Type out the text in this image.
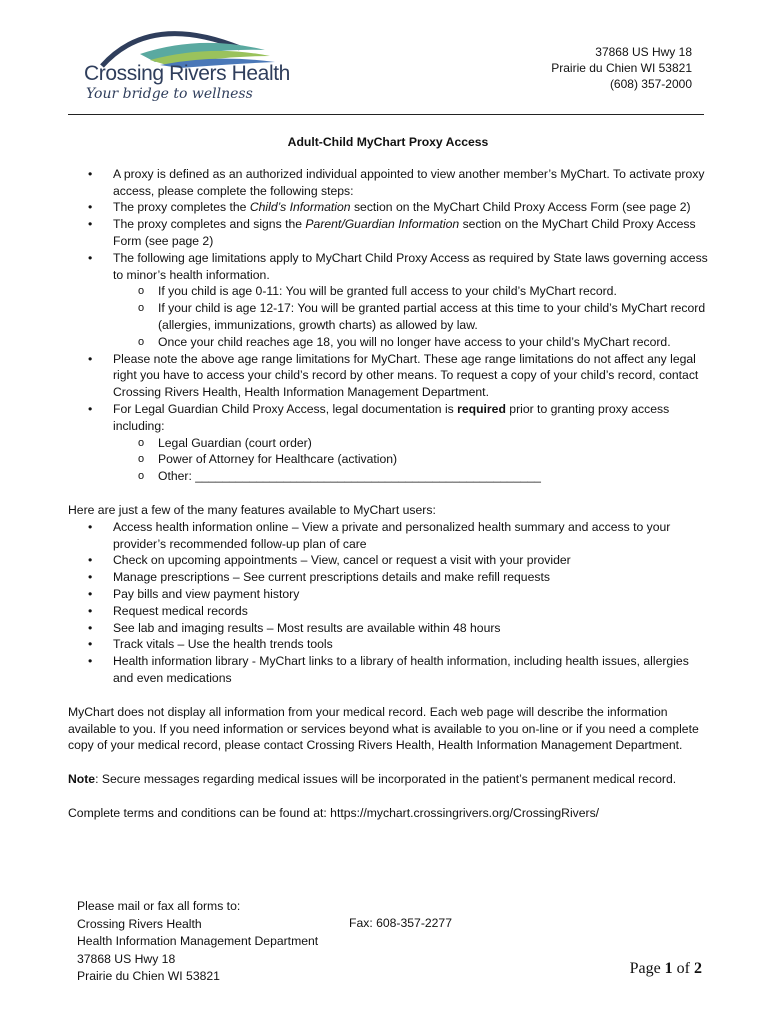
Crossing Rivers Health
Your bridge to wellness
37868 US Hwy 18
Prairie du Chien WI 53821
(608) 357-2000
Adult-Child MyChart Proxy Access
• A proxy is defined as an authorized individual appointed to view another member’s MyChart. To activate proxy access, please complete the following steps:
• The proxy completes the Child’s Information section on the MyChart Child Proxy Access Form (see page 2)
• The proxy completes and signs the Parent/Guardian Information section on the MyChart Child Proxy Access Form (see page 2)
• The following age limitations apply to MyChart Child Proxy Access as required by State laws governing access to minor’s health information.
o If you child is age 0-11: You will be granted full access to your child’s MyChart record.
o If your child is age 12-17: You will be granted partial access at this time to your child’s MyChart record (allergies, immunizations, growth charts) as allowed by law.
o Once your child reaches age 18, you will no longer have access to your child’s MyChart record.
• Please note the above age range limitations for MyChart. These age range limitations do not affect any legal right you have to access your child’s record by other means. To request a copy of your child’s record, contact Crossing Rivers Health, Health Information Management Department.
• For Legal Guardian Child Proxy Access, legal documentation is required prior to granting proxy access including:
o Legal Guardian (court order)
o Power of Attorney for Healthcare (activation)
o Other: ___________________________________________________

Here are just a few of the many features available to MyChart users:

• Access health information online – View a private and personalized health summary and access to your provider’s recommended follow-up plan of care
• Check on upcoming appointments – View, cancel or request a visit with your provider
• Manage prescriptions – See current prescriptions details and make refill requests
• Pay bills and view payment history
• Request medical records
• See lab and imaging results – Most results are available within 48 hours
• Track vitals – Use the health trends tools
• Health information library - MyChart links to a library of health information, including health issues, allergies and even medications

MyChart does not display all information from your medical record. Each web page will describe the information available to you. If you need information or services beyond what is available to you on-line or if you need a complete copy of your medical record, please contact Crossing Rivers Health, Health Information Management Department.

Note: Secure messages regarding medical issues will be incorporated in the patient’s permanent medical record.

Complete terms and conditions can be found at: https://mychart.crossingrivers.org/CrossingRivers/

Please mail or fax all forms to:
Crossing Rivers Health
Health Information Management Department
37868 US Hwy 18
Prairie du Chien WI 53821
Fax: 608-357-2277
Page 1 of 2
